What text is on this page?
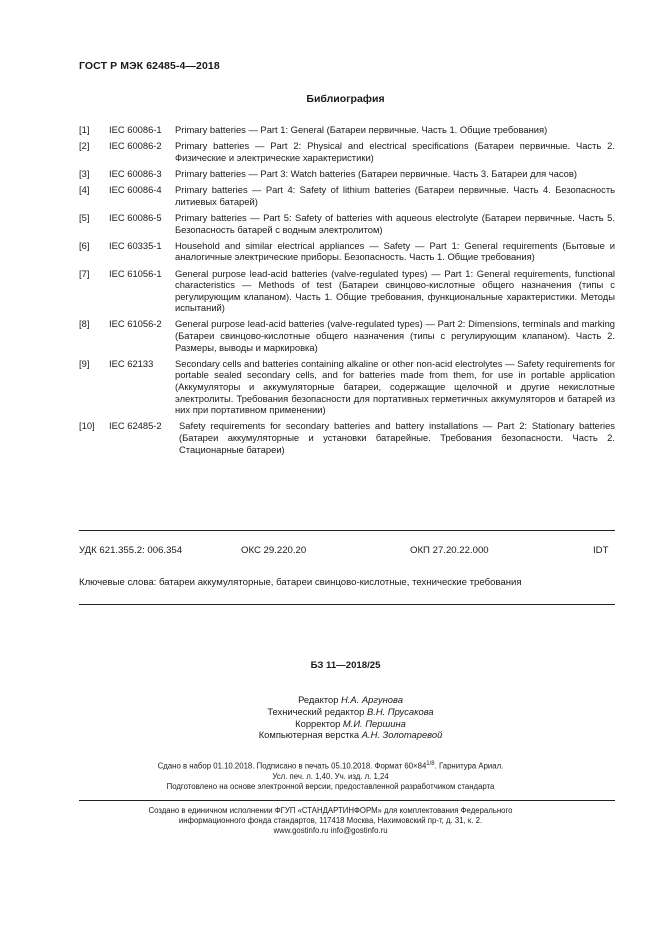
ГОСТ Р МЭК 62485-4—2018
Библиография
[1]	IEC 60086-1	Primary batteries — Part 1: General (Батареи первичные. Часть 1. Общие требования)
[2]	IEC 60086-2	Primary batteries — Part 2: Physical and electrical specifications (Батареи первичные. Часть 2. Физические и электрические характеристики)
[3]	IEC 60086-3	Primary batteries — Part 3: Watch batteries (Батареи первичные. Часть 3. Батареи для часов)
[4]	IEC 60086-4	Primary batteries — Part 4: Safety of lithium batteries (Батареи первичные. Часть 4. Безопасность литиевых батарей)
[5]	IEC 60086-5	Primary batteries — Part 5: Safety of batteries with aqueous electrolyte (Батареи первичные. Часть 5. Безопасность батарей с водным электролитом)
[6]	IEC 60335-1	Household and similar electrical appliances — Safety — Part 1: General requirements (Бытовые и аналогичные электрические приборы. Безопасность. Часть 1. Общие требования)
[7]	IEC 61056-1	General purpose lead-acid batteries (valve-regulated types) — Part 1: General requirements, functional characteristics — Methods of test (Батареи свинцово-кислотные общего назначения (типы с регулирующим клапаном). Часть 1. Общие требования, функциональные характеристики. Методы испытаний)
[8]	IEC 61056-2	General purpose lead-acid batteries (valve-regulated types) — Part 2: Dimensions, terminals and marking (Батареи свинцово-кислотные общего назначения (типы с регулирующим клапаном). Часть 2. Размеры, выводы и маркировка)
[9]	IEC 62133	Secondary cells and batteries containing alkaline or other non-acid electrolytes — Safety requirements for portable sealed secondary cells, and for batteries made from them, for use in portable application (Аккумуляторы и аккумуляторные батареи, содержащие щелочной и другие некислотные электролиты. Требования безопасности для портативных герметичных аккумуляторов и батарей из них при портативном применении)
[10]	IEC 62485-2	Safety requirements for secondary batteries and battery installations — Part 2: Stationary batteries (Батареи аккумуляторные и установки батарейные. Требования безопасности. Часть 2. Стационарные батареи)
УДК 621.355.2: 006.354	ОКС 29.220.20	ОКП 27.20.22.000	IDT
Ключевые слова: батареи аккумуляторные, батареи свинцово-кислотные, технические требования
БЗ 11—2018/25
Редактор Н.А. Аргунова
Технический редактор В.Н. Прусакова
Корректор М.И. Першина
Компьютерная верстка А.Н. Золотаревой
Сдано в набор 01.10.2018. Подписано в печать 05.10.2018. Формат $60\times 84^{1/8}$. Гарнитура Ариал.
Усл. печ. л. 1,40. Уч. изд. л. 1,24
Подготовлено на основе электронной версии, предоставленной разработчиком стандарта
Создано в единичном исполнении ФГУП «СТАНДАРТИНФОРМ» для комплектования Федерального
информационного фонда стандартов, 117418 Москва, Нахимовский пр-т, д. 31, к. 2.
www.gostinfo.ru info@gostinfo.ru
